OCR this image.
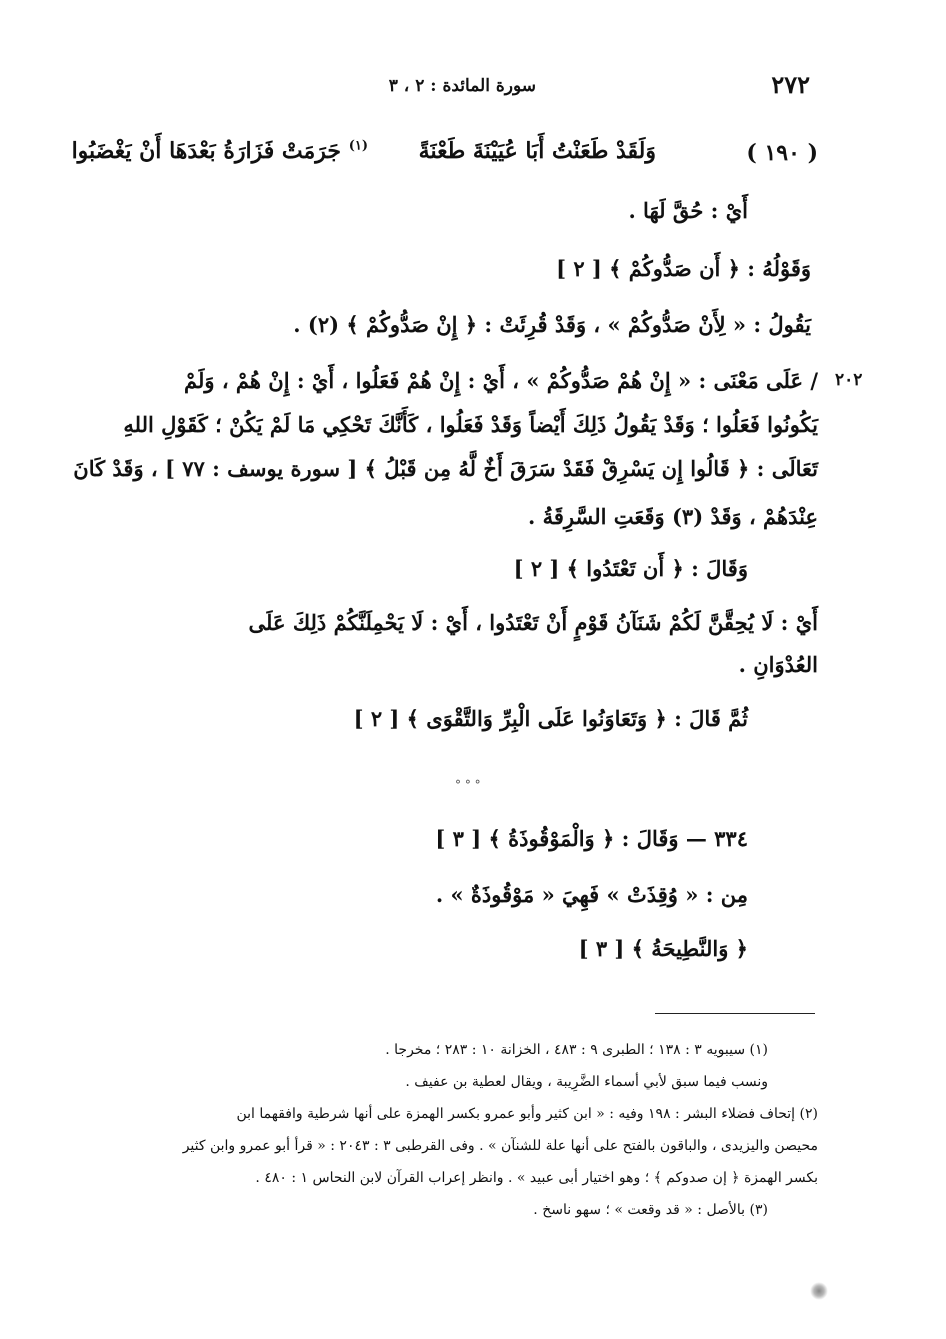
٢٧٢
سورة المائدة : ٢ ، ٣
( ١٩٠ )
وَلَقَدْ طَعَنْتُ أَبَا عُيَيْنَةَ طَعْنَةً
$^{(١)}$ جَرَمَتْ فَزَارَةُ بَعْدَهَا أَنْ يَغْضَبُوا
أَيْ : حُقَّ لَهَا .
وَقَوْلُهُ : ﴿ أَن صَدُّوكُمْ ﴾ [ ٢ ]
يَقُولُ : « لِأَنْ صَدُّوكُمْ » ، وَقَدْ قُرِئَتْ : ﴿ إِنْ صَدُّوكُمْ ﴾ (٢) .
/ عَلَى مَعْنَى : « إِنْ هُمْ صَدُّوكُمْ » ، أَيْ : إِنْ هُمْ فَعَلُوا ، أَيْ : إِنْ هُمْ ، وَلَمْ
يَكُونُوا فَعَلُوا ؛ وَقَدْ يَقُولُ ذَلِكَ أَيْضاً وَقَدْ فَعَلُوا ، كَأَنَّكَ تَحْكِي مَا لَمْ يَكُنْ ؛ كَقَوْلِ اللهِ
تَعَالَى : ﴿ قَالُوا إِن يَسْرِقْ فَقَدْ سَرَقَ أَخٌ لَّهُ مِن قَبْلُ ﴾ [ سورة يوسف : ٧٧ ] ، وَقَدْ كَانَ
عِنْدَهُمْ ، وَقَدْ (٣) وَقَعَتِ السَّرِقَةُ .
وَقَالَ : ﴿ أَن تَعْتَدُوا ﴾ [ ٢ ]
أَيْ : لَا يُحِقَّنَّ لَكُمْ شَنَآنُ قَوْمٍ أَنْ تَعْتَدُوا ، أَيْ : لَا يَحْمِلَنَّكُمْ ذَلِكَ عَلَى
العُدْوَانِ .
ثُمَّ قَالَ : ﴿ وَتَعَاوَنُوا عَلَى الْبِرِّ وَالتَّقْوَى ﴾ [ ٢ ]
٢٠٢
° ° °
٣٣٤ — وَقَالَ : ﴿ وَالْمَوْقُوذَةُ ﴾ [ ٣ ]
مِن : « وُقِذَتْ » فَهِيَ « مَوْقُوذَةٌ » .
﴿ وَالنَّطِيحَةُ ﴾ [ ٣ ]
(١) سيبويه ٣ : ١٣٨ ؛ الطبرى ٩ : ٤٨٣ ، الخزانة ١٠ : ٢٨٣ ؛ مخرجا .
ونسب فيما سبق لأبي أسماء الضَّرِيبة ، ويقال لعطية بن عفيف .
(٢) إتحاف فضلاء البشر : ١٩٨ وفيه : « ابن كثير وأبو عمرو بكسر الهمزة على أنها شرطية وافقهما ابن
محيصن واليزيدى ، والباقون بالفتح على أنها علة للشنآن » . وفى القرطبى ٣ : ٢٠٤٣ : « قرأ أبو عمرو وابن كثير
بكسر الهمزة ﴿ إن صدوكم ﴾ ؛ وهو اختيار أبى عبيد » . وانظر إعراب القرآن لابن النحاس ١ : ٤٨٠ .
(٣) بالأصل : « قد وقعت » ؛ سهو ناسخ .
